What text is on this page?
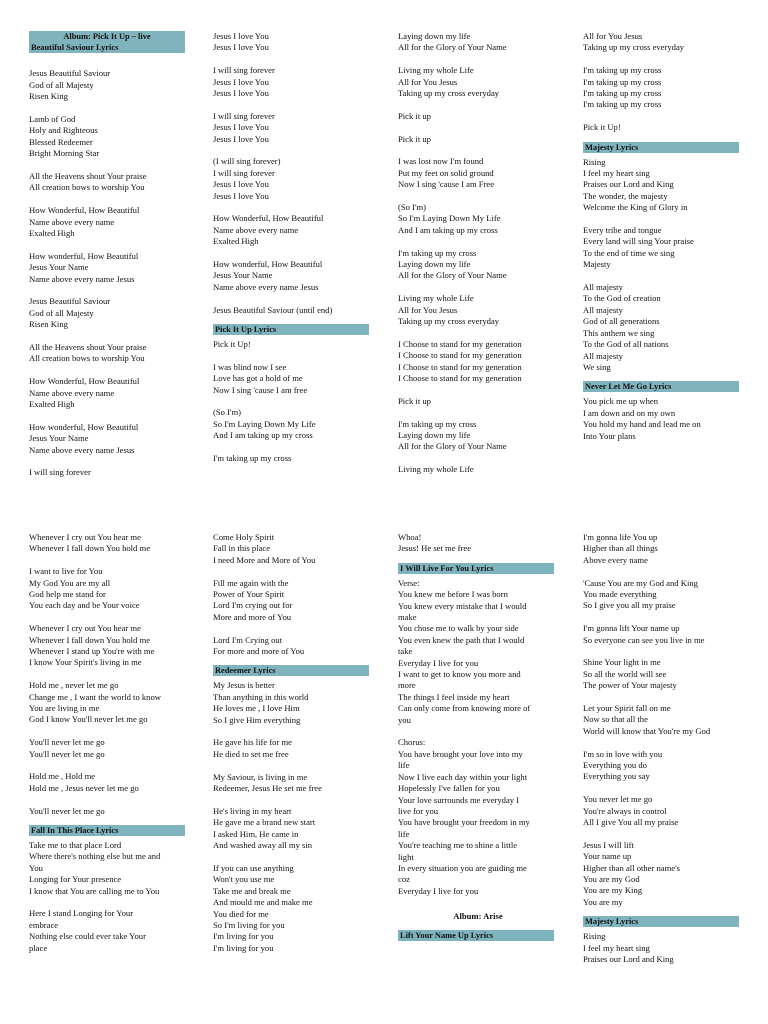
Album: Pick It Up – live
Beautiful Saviour Lyrics
Jesus Beautiful Saviour
God of all Majesty
Risen King
Lamb of God
Holy and Righteous
Blessed Redeemer
Bright Morning Star
All the Heavens shout Your praise
All creation bows to worship You
How Wonderful, How Beautiful
Name above every name
Exalted High
How wonderful, How Beautiful
Jesus Your Name
Name above every name Jesus
Jesus Beautiful Saviour
God of all Majesty
Risen King
All the Heavens shout Your praise
All creation bows to worship You
How Wonderful, How Beautiful
Name above every name
Exalted High
How wonderful, How Beautiful
Jesus Your Name
Name above every name Jesus
I will sing forever
Jesus I love You
Jesus I love You
I will sing forever
Jesus I love You
Jesus I love You
I will sing forever
Jesus I love You
Jesus I love You
(I will sing forever)
I will sing forever
Jesus I love You
Jesus I love You
How Wonderful, How Beautiful
Name above every name
Exalted High
How wonderful, How Beautiful
Jesus Your Name
Name above every name Jesus
Jesus Beautiful Saviour (until end)
Pick It Up Lyrics
Pick it Up!
I was blind now I see
Love has got a hold of me
Now I sing 'cause I am free
(So I'm)
So I'm Laying Down My Life
And I am taking up my cross
I'm taking up my cross
Laying down my life
All for the Glory of Your Name
Living my whole Life
All for You Jesus
Taking up my cross everyday
Pick it up
Pick it up
I was lost now I'm found
Put my feet on solid ground
Now I sing 'cause I am Free
(So I'm)
So I'm Laying Down My Life
And I am taking up my cross
I'm taking up my cross
Laying down my life
All for the Glory of Your Name
Living my whole Life
All for You Jesus
Taking up my cross everyday
I Choose to stand for my generation
I Choose to stand for my generation
I Choose to stand for my generation
I Choose to stand for my generation
Pick it up
I'm taking up my cross
Laying down my life
All for the Glory of Your Name
Living my whole Life
All for You Jesus
Taking up my cross everyday
I'm taking up my cross
I'm taking up my cross
I'm taking up my cross
I'm taking up my cross
Pick it Up!
Majesty Lyrics
Rising
I feel my heart sing
Praises our Lord and King
The wonder, the majesty
Welcome the King of Glory in
Every tribe and tongue
Every land will sing Your praise
To the end of time we sing
Majesty
All majesty
To the God of creation
All majesty
God of all generations
This anthem we sing
To the God of all nations
All majesty
We sing
Never Let Me Go Lyrics
You pick me up when
I am down and on my own
You hold my hand and lead me on
Into Your plans
Whenever I cry out You hear me
Whenever I fall down You hold me
I want to live for You
My God You are my all
God help me stand for
You each day and be Your voice
Whenever I cry out You hear me
Whenever I fall down You hold me
Whenever I stand up You're with me
I know Your Spirit's living in me
Hold me , never let me go
Change me , I want the world to know
You are living in me
God I know You'll never let me go
You'll never let me go
You'll never let me go
Hold me , Hold me
Hold me , Jesus never let me go
You'll never let me go
Fall In This Place Lyrics
Take me to that place Lord
Where there's nothing else but me and
You
Longing for Your presence
I know that You are calling me to You
Here I stand Longing for Your
embrace
Nothing else could ever take Your
place
Come Holy Spirit
Fall in this place
I need More and More of You
Fill me again with the
Power of Your Spirit
Lord I'm crying out for
More and more of You
Lord I'm Crying out
For more and more of You
Redeemer Lyrics
My Jesus is better
Than anything in this world
He loves me , I love Him
So I give Him everything
He gave his life for me
He died to set me free
My Saviour, is living in me
Redeemer, Jesus He set me free
He's living in my heart
He gave me a brand new start
I asked Him, He came in
And washed away all my sin
If you can use anything
Won't you use me
Take me and break me
And mould me and make me
You died for me
So I'm living for you
I'm living for you
I'm living for you
Whoa!
Jesus! He set me free
I Will Live For You Lyrics
Verse:
You knew me before I was born
You knew every mistake that I would
make
You chose me to walk by your side
You even knew the path that I would
take
Everyday I live for you
I want to get to know you more and
more
The things I feel inside my heart
Can only come from knowing more of
you
Chorus:
You have brought your love into my
life
Now I live each day within your light
Hopelessly I've fallen for you
Your love surrounds me everyday I
live for you
You have brought your freedom in my
life
You're teaching me to shine a little
light
In every situation you are guiding me
coz
Everyday I live for you
Album: Arise
Lift Your Name Up Lyrics
I'm gonna life You up
Higher than all things
Above every name
'Cause You are my God and King
You made everything
So I give you all my praise
I'm gonna lift Your name up
So everyone can see you live in me
Shine Your light in me
So all the world will see
The power of Your majesty
Let your Spirit fall on me
Now so that all the
World will know that You're my God
I'm so in love with you
Everything you do
Everything you say
You never let me go
You're always in control
All I give You all my praise
Jesus I will lift
Your name up
Higher than all other name's
You are my God
You are my King
You are my
Majesty Lyrics
Rising
I feel my heart sing
Praises our Lord and King
